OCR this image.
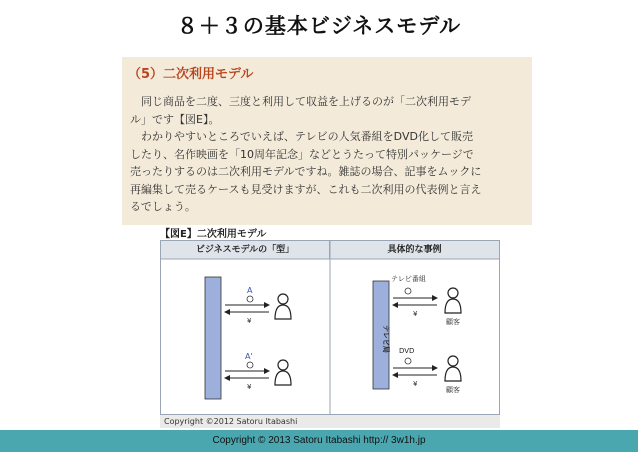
８＋３の基本ビジネスモデル
（5）二次利用モデル

　同じ商品を二度、三度と利用して収益を上げるのが「二次利用モデ

ル」です【図E】。

　わかりやすいところでいえば、テレビの人気番組をDVD化して販売

したり、名作映画を「10周年記念」などとうたって特別パッケージで

売ったりするのは二次利用モデルですね。雑誌の場合、記事をムックに

再編集して売るケースも見受けますが、これも二次利用の代表例と言え

るでしょう。

【図E】二次利用モデル
ビジネスモデルの「型」	具体的な事例
A
¥
A'
¥
テレビ局
テレビ番組
¥
顧客
DVD
¥
顧客
Copyright ©2012 Satoru Itabashi
Copyright © 2013 Satoru Itabashi http:// 3w1h.jp
